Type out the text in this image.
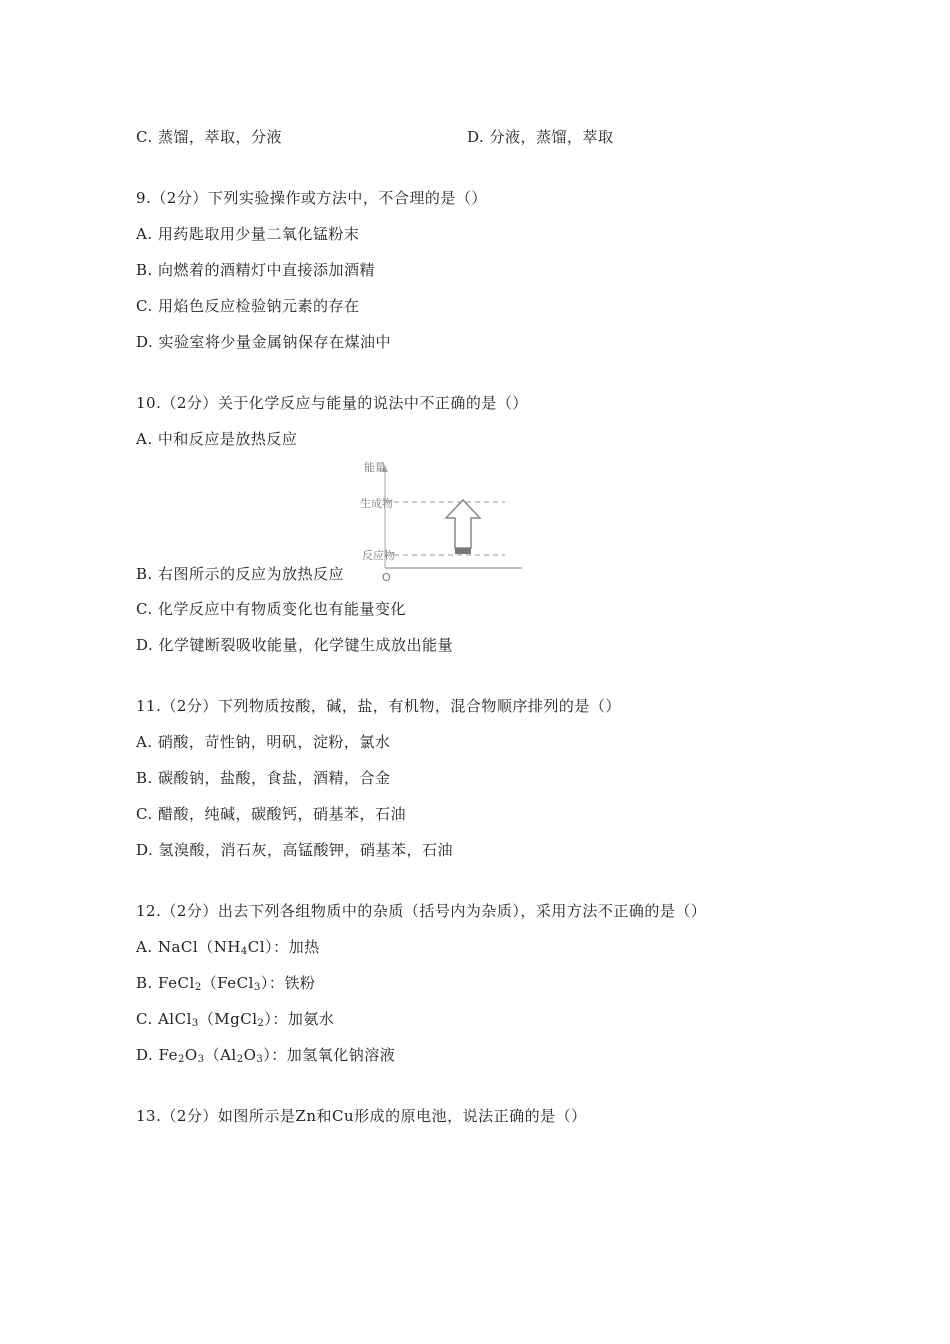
C. 蒸馏，萃取，分液	D. 分液，蒸馏，萃取
9.（2分）下列实验操作或方法中，不合理的是（）
A. 用药匙取用少量二氧化锰粉末
B. 向燃着的酒精灯中直接添加酒精
C. 用焰色反应检验钠元素的存在
D. 实验室将少量金属钠保存在煤油中
10.（2分）关于化学反应与能量的说法中不正确的是（）
A. 中和反应是放热反应
能量
生成物
反应物
O
B. 右图所示的反应为放热反应
C. 化学反应中有物质变化也有能量变化
D. 化学键断裂吸收能量，化学键生成放出能量
11.（2分）下列物质按酸，碱，盐，有机物，混合物顺序排列的是（）
A. 硝酸，苛性钠，明矾，淀粉，氯水
B. 碳酸钠，盐酸，食盐，酒精，合金
C. 醋酸，纯碱，碳酸钙，硝基苯，石油
D. 氢溴酸，消石灰，高锰酸钾，硝基苯，石油
12.（2分）出去下列各组物质中的杂质（括号内为杂质），采用方法不正确的是（）
A. $NaCl(NH_4Cl)$：加热
B. FeCl$_2$（FeCl$_3$）：铁粉
C. AlCl$_3$（MgCl$_2$）：加氨水
D. $Fe_2O_3(Al_2O_3)$：加氢氧化钠溶液
13.（2分）如图所示是Zn和Cu形成的原电池，说法正确的是（）
